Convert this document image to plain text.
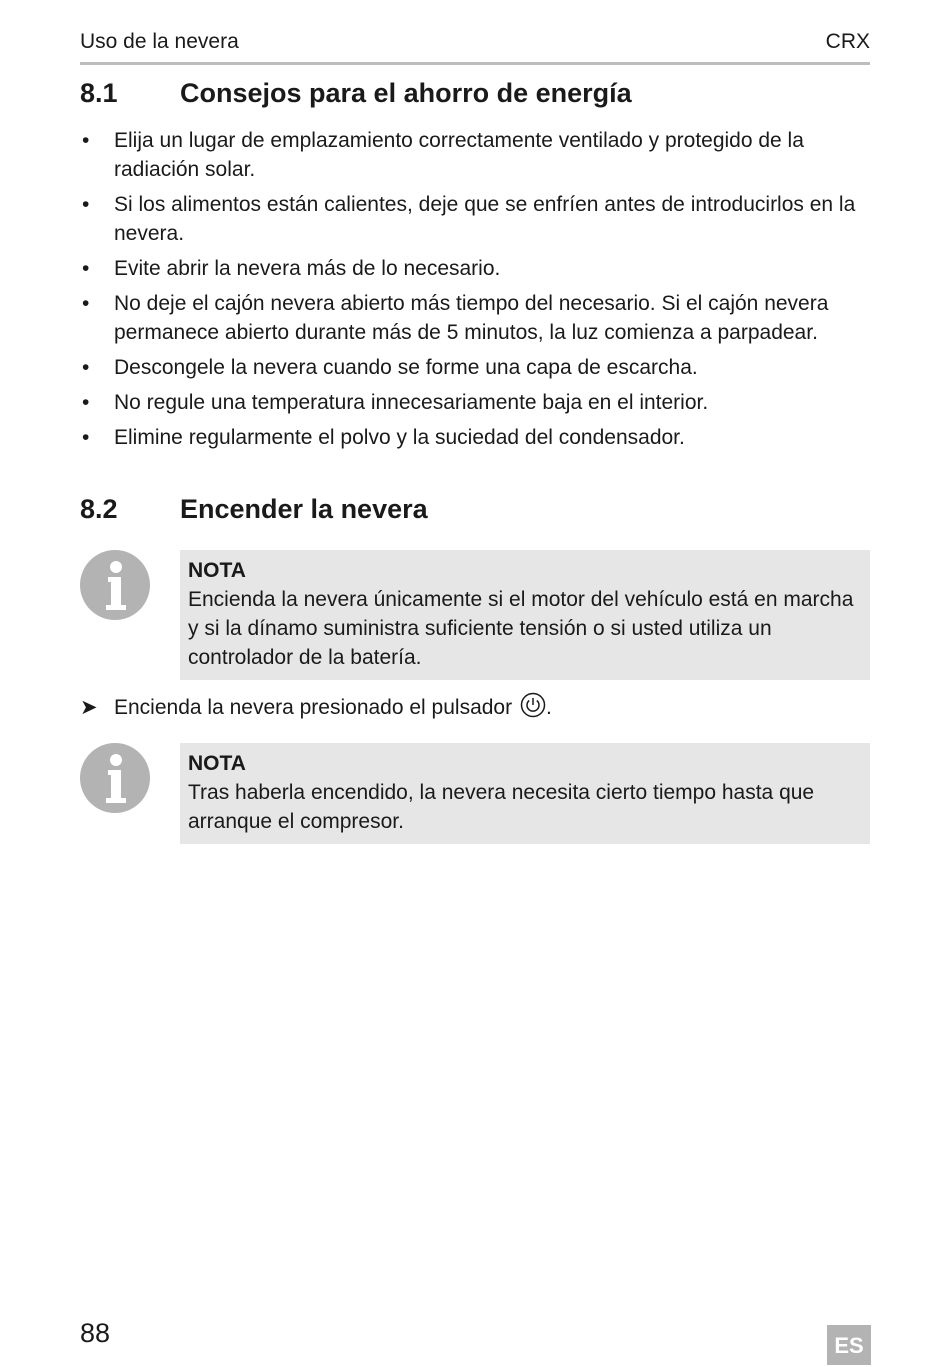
Uso de la nevera	CRX
8.1 Consejos para el ahorro de energía
• Elija un lugar de emplazamiento correctamente ventilado y protegido de la radiación solar.
• Si los alimentos están calientes, deje que se enfríen antes de introducirlos en la nevera.
• Evite abrir la nevera más de lo necesario.
• No deje el cajón nevera abierto más tiempo del necesario. Si el cajón nevera permanece abierto durante más de 5 minutos, la luz comienza a parpadear.
• Descongele la nevera cuando se forme una capa de escarcha.
• No regule una temperatura innecesariamente baja en el interior.
• Elimine regularmente el polvo y la suciedad del condensador.
8.2 Encender la nevera
NOTA
Encienda la nevera únicamente si el motor del vehículo está en marcha y si la dínamo suministra suficiente tensión o si usted utiliza un controlador de la batería.
➤ Encienda la nevera presionado el pulsador .
NOTA
Tras haberla encendido, la nevera necesita cierto tiempo hasta que arranque el compresor.
88	ES
